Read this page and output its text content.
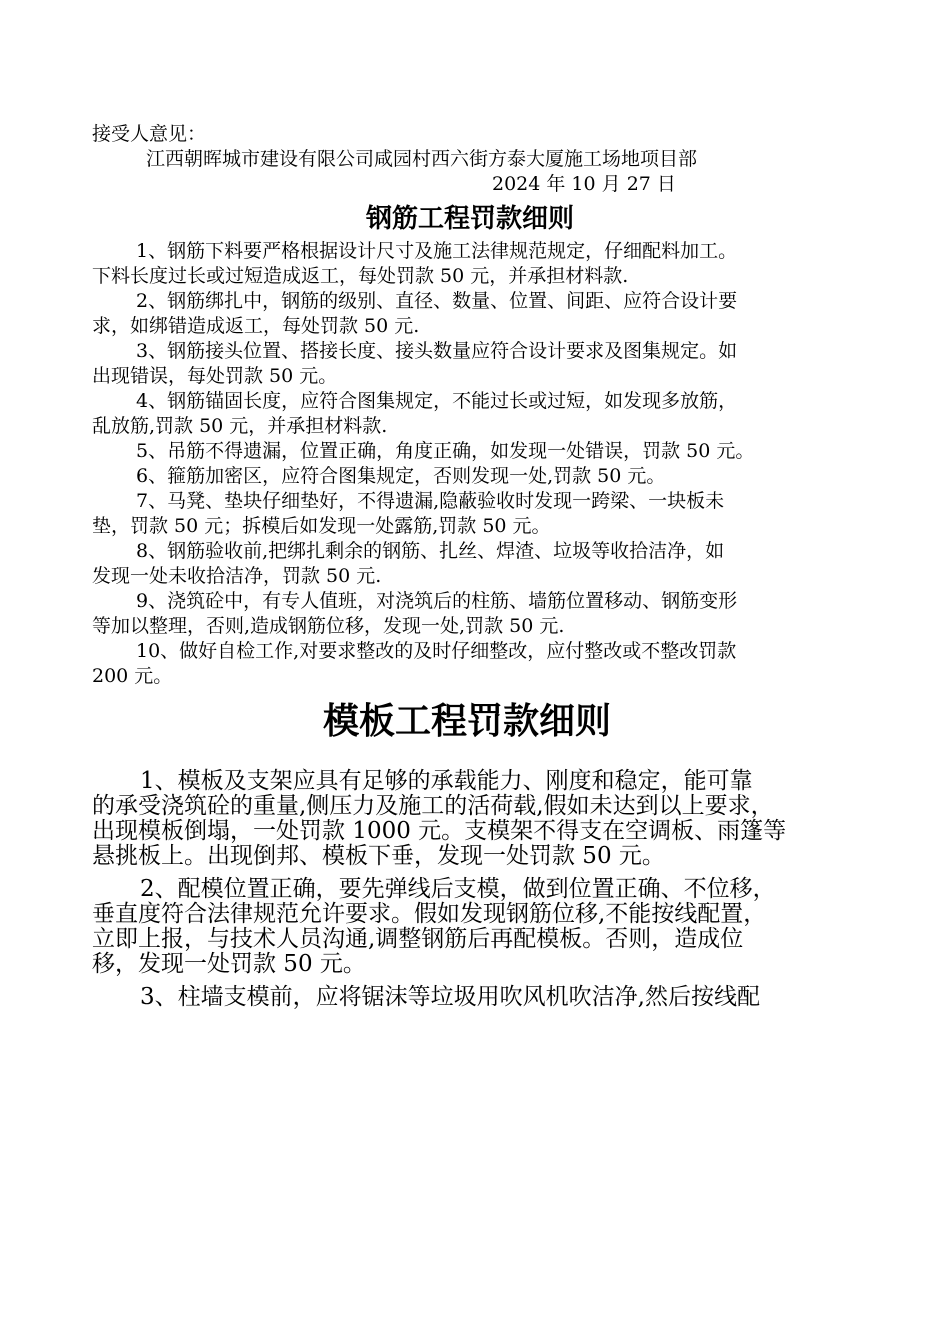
接受人意见：
江西朝晖城市建设有限公司咸园村西六街方泰大厦施工场地项目部
2024 年 10 月 27 日
钢筋工程罚款细则
1、钢筋下料要严格根据设计尺寸及施工法律规范规定，仔细配料加工。
下料长度过长或过短造成返工，每处罚款 50 元，并承担材料款.
2、钢筋绑扎中，钢筋的级别、直径、数量、位置、间距、应符合设计要
求，如绑错造成返工，每处罚款 50 元.
3、钢筋接头位置、搭接长度、接头数量应符合设计要求及图集规定。如
出现错误，每处罚款 50 元。
4、钢筋锚固长度，应符合图集规定，不能过长或过短，如发现多放筋，
乱放筋,罚款 50 元，并承担材料款.
5、吊筋不得遗漏，位置正确，角度正确，如发现一处错误，罚款 50 元。
6、箍筋加密区，应符合图集规定，否则发现一处,罚款 50 元。
7、马凳、垫块仔细垫好，不得遗漏,隐蔽验收时发现一跨梁、一块板未
垫，罚款 50 元；拆模后如发现一处露筋,罚款 50 元。
8、钢筋验收前,把绑扎剩余的钢筋、扎丝、焊渣、垃圾等收拾洁净，如
发现一处未收拾洁净，罚款 50 元.
9、浇筑砼中，有专人值班，对浇筑后的柱筋、墙筋位置移动、钢筋变形
等加以整理，否则,造成钢筋位移，发现一处,罚款 50 元.
10、做好自检工作,对要求整改的及时仔细整改，应付整改或不整改罚款
200 元。
模板工程罚款细则
1、模板及支架应具有足够的承载能力、刚度和稳定，能可靠
的承受浇筑砼的重量,侧压力及施工的活荷载,假如未达到以上要求，
出现模板倒塌，一处罚款 1000 元。支模架不得支在空调板、雨篷等
悬挑板上。出现倒邦、模板下垂，发现一处罚款 50 元。
2、配模位置正确，要先弹线后支模，做到位置正确、不位移，
垂直度符合法律规范允许要求。假如发现钢筋位移,不能按线配置，
立即上报，与技术人员沟通,调整钢筋后再配模板。否则，造成位
移，发现一处罚款 50 元。
3、柱墙支模前，应将锯沫等垃圾用吹风机吹洁净,然后按线配
